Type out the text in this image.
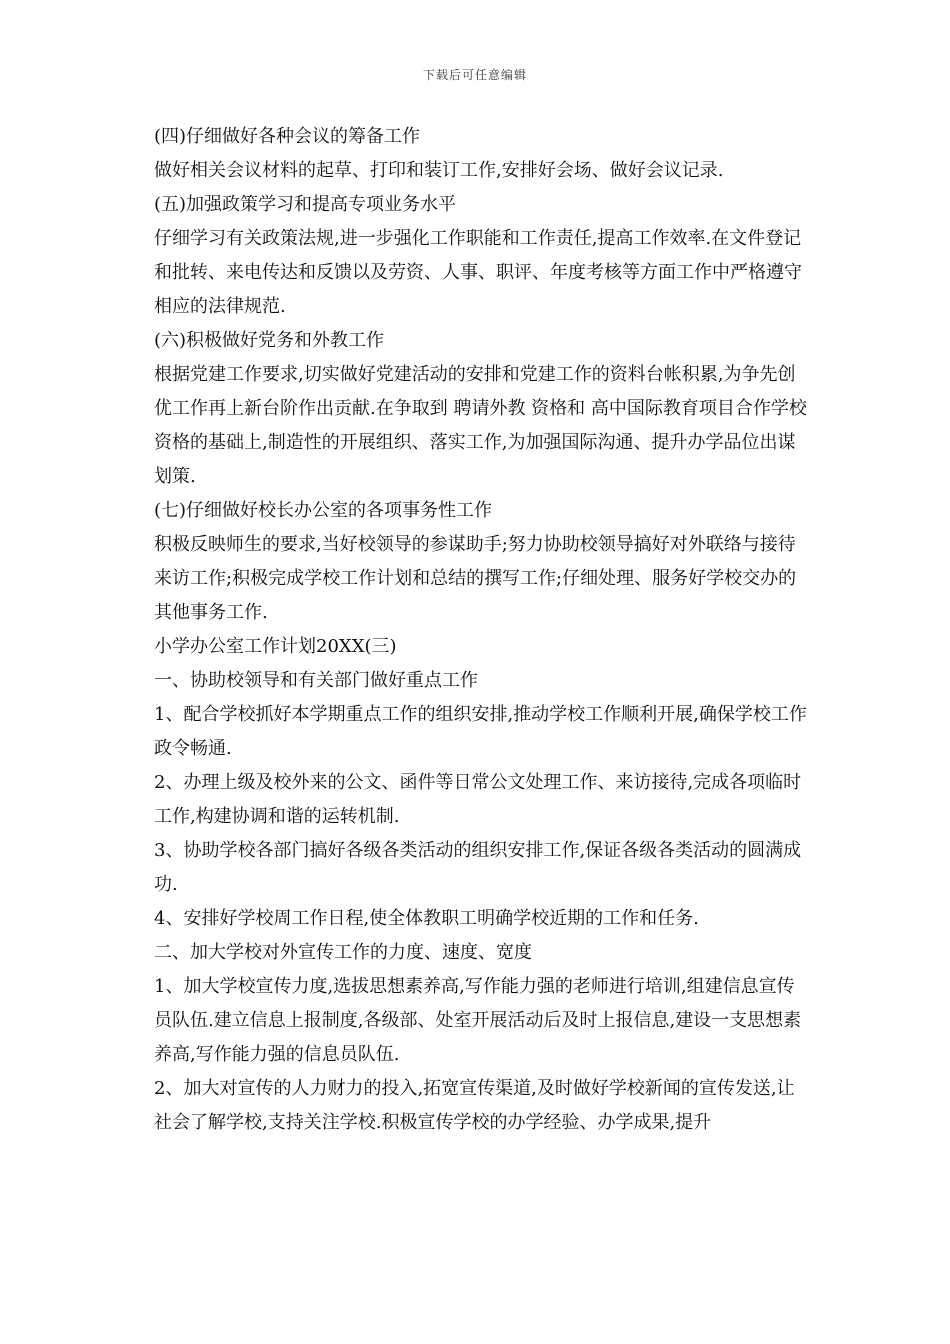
下载后可任意编辑

(四)仔细做好各种会议的筹备工作

做好相关会议材料的起草、打印和装订工作,安排好会场、做好会议记录.

(五)加强政策学习和提高专项业务水平

仔细学习有关政策法规,进一步强化工作职能和工作责任,提高工作效率.在文件登记和批转、来电传达和反馈以及劳资、人事、职评、年度考核等方面工作中严格遵守相应的法律规范.

(六)积极做好党务和外教工作

根据党建工作要求,切实做好党建活动的安排和党建工作的资料台帐积累,为争先创优工作再上新台阶作出贡献.在争取到 聘请外教 资格和 高中国际教育项目合作学校 资格的基础上,制造性的开展组织、落实工作,为加强国际沟通、提升办学品位出谋划策.

(七)仔细做好校长办公室的各项事务性工作

积极反映师生的要求,当好校领导的参谋助手;努力协助校领导搞好对外联络与接待来访工作;积极完成学校工作计划和总结的撰写工作;仔细处理、服务好学校交办的其他事务工作.

小学办公室工作计划20XX(三)

一、协助校领导和有关部门做好重点工作

1、配合学校抓好本学期重点工作的组织安排,推动学校工作顺利开展,确保学校工作政令畅通.

2、办理上级及校外来的公文、函件等日常公文处理工作、来访接待,完成各项临时工作,构建协调和谐的运转机制.

3、协助学校各部门搞好各级各类活动的组织安排工作,保证各级各类活动的圆满成功.

4、安排好学校周工作日程,使全体教职工明确学校近期的工作和任务.

二、加大学校对外宣传工作的力度、速度、宽度

1、加大学校宣传力度,选拔思想素养高,写作能力强的老师进行培训,组建信息宣传员队伍.建立信息上报制度,各级部、处室开展活动后及时上报信息,建设一支思想素养高,写作能力强的信息员队伍.

2、加大对宣传的人力财力的投入,拓宽宣传渠道,及时做好学校新闻的宣传发送,让社会了解学校,支持关注学校.积极宣传学校的办学经验、办学成果,提升
